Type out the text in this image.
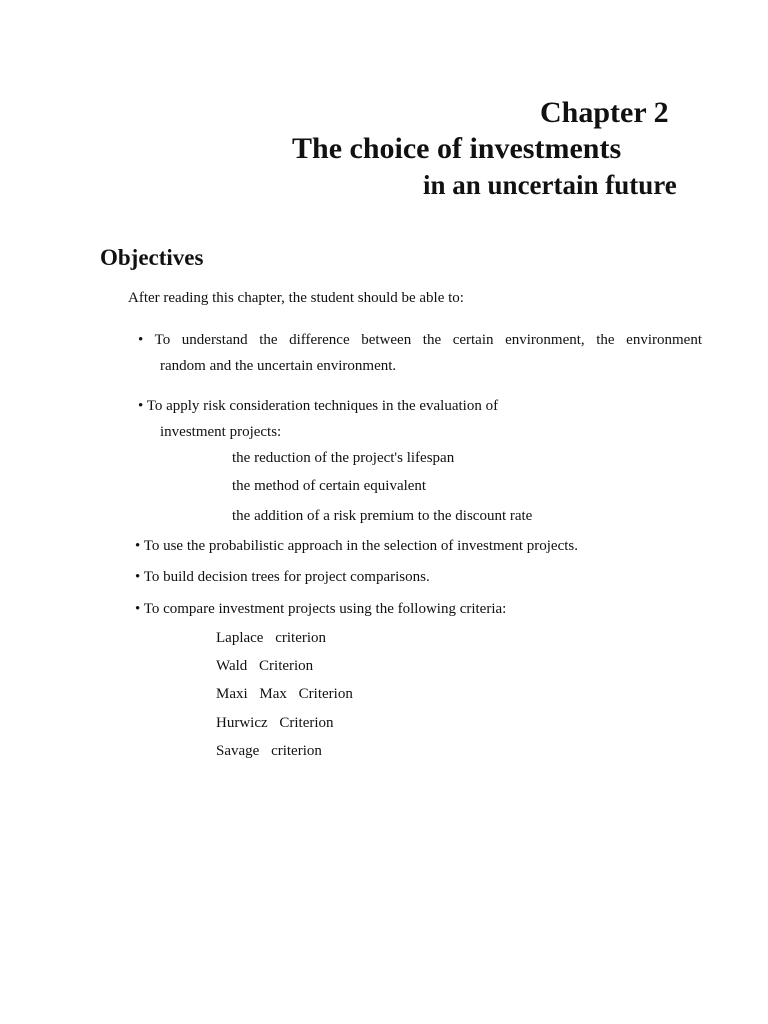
Chapter 2
The choice of investments
in an uncertain future
Objectives
After reading this chapter, the student should be able to:
• To understand the difference between the certain environment, the environment
random and the uncertain environment.
• To apply risk consideration techniques in the evaluation of
investment projects:
the reduction of the project's lifespan
the method of certain equivalent
the addition of a risk premium to the discount rate
• To use the probabilistic approach in the selection of investment projects.
• To build decision trees for project comparisons.
• To compare investment projects using the following criteria:
Laplace criterion
Wald Criterion
Maxi Max Criterion
Hurwicz Criterion
Savage criterion
